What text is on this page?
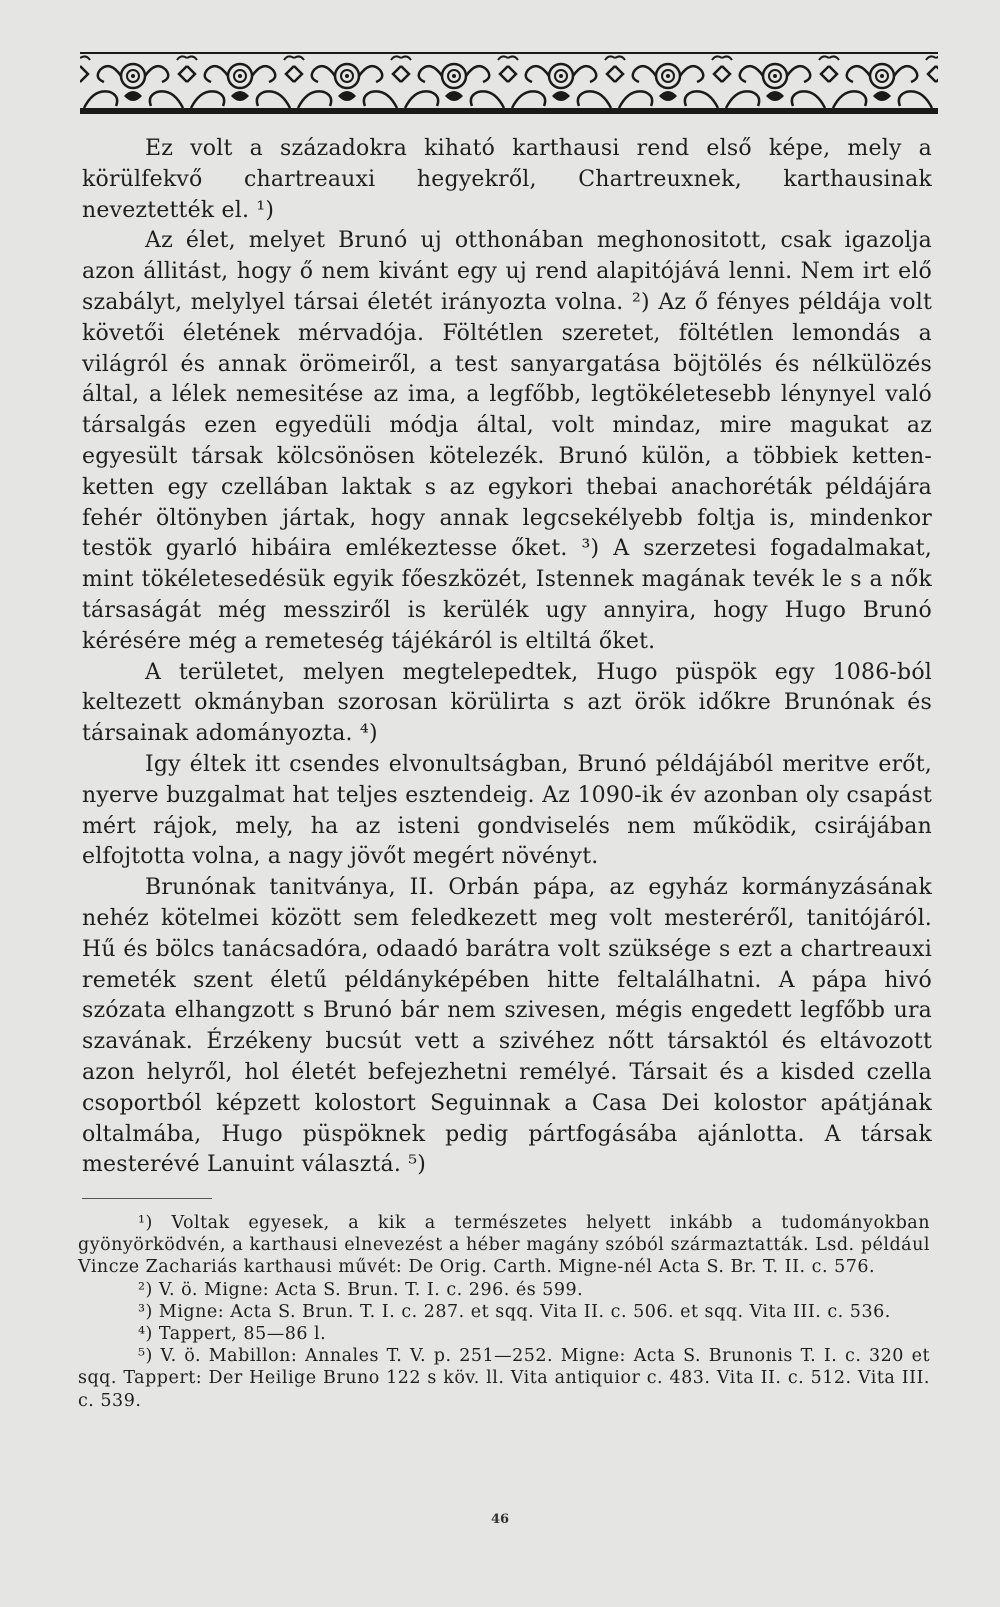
Ez volt a századokra kiható karthausi rend első képe, mely a körülfekvő chartreauxi hegyekről, Chartreuxnek, karthausinak neveztették el. ¹)

Az élet, melyet Brunó uj otthonában meghonositott, csak igazolja azon állitást, hogy ő nem kivánt egy uj rend alapitójává lenni. Nem irt elő szabályt, melylyel társai életét irányozta volna. ²) Az ő fényes példája volt követői életének mérvadója. Föltétlen szeretet, föltétlen lemondás a világról és annak örömeiről, a test sanyargatása böjtölés és nélkülözés által, a lélek nemesitése az ima, a legfőbb, legtökéletesebb lénynyel való társalgás ezen egyedüli módja által, volt mindaz, mire magukat az egyesült társak kölcsönösen kötelezék. Brunó külön, a többiek ketten-ketten egy czellában laktak s az egykori thebai anachoréták példájára fehér öltönyben jártak, hogy annak legcsekélyebb foltja is, mindenkor testök gyarló hibáira emlékeztesse őket. ³) A szerzetesi fogadalmakat, mint tökéletesedésük egyik főeszközét, Istennek magának tevék le s a nők társaságát még messziről is kerülék ugy annyira, hogy Hugo Brunó kérésére még a remeteség tájékáról is eltiltá őket.

A területet, melyen megtelepedtek, Hugo püspök egy 1086-ból keltezett okmányban szorosan körülirta s azt örök időkre Brunónak és társainak adományozta. ⁴)

Igy éltek itt csendes elvonultságban, Brunó példájából meritve erőt, nyerve buzgalmat hat teljes esztendeig. Az 1090-ik év azonban oly csapást mért rájok, mely, ha az isteni gondviselés nem működik, csirájában elfojtotta volna, a nagy jövőt megért növényt.

Brunónak tanitványa, II. Orbán pápa, az egyház kormányzásának nehéz kötelmei között sem feledkezett meg volt mesteréről, tanitójáról. Hű és bölcs tanácsadóra, odaadó barátra volt szüksége s ezt a chartreauxi remeték szent életű példányképében hitte feltalálhatni. A pápa hivó szózata elhangzott s Brunó bár nem szivesen, mégis engedett legfőbb ura szavának. Érzékeny bucsút vett a szivéhez nőtt társaktól és eltávozott azon helyről, hol életét befejezhetni remélyé. Társait és a kisded czella csoportból képzett kolostort Seguinnak a Casa Dei kolostor apátjának oltalmába, Hugo püspöknek pedig pártfogásába ajánlotta. A társak mesterévé Lanuint választá. ⁵)

¹) Voltak egyesek, a kik a természetes helyett inkább a tudományokban gyönyörködvén, a karthausi elnevezést a héber magány szóból származtatták. Lsd. például Vincze Zachariás karthausi művét: De Orig. Carth. Migne-nél Acta S. Br. T. II. c. 576.

²) V. ö. Migne: Acta S. Brun. T. I. c. 296. és 599.

³) Migne: Acta S. Brun. T. I. c. 287. et sqq. Vita II. c. 506. et sqq. Vita III. c. 536.

⁴) Tappert, 85—86 l.

⁵) V. ö. Mabillon: Annales T. V. p. 251—252. Migne: Acta S. Brunonis T. I. c. 320 et sqq. Tappert: Der Heilige Bruno 122 s köv. ll. Vita antiquior c. 483. Vita II. c. 512. Vita III. c. 539.

46
